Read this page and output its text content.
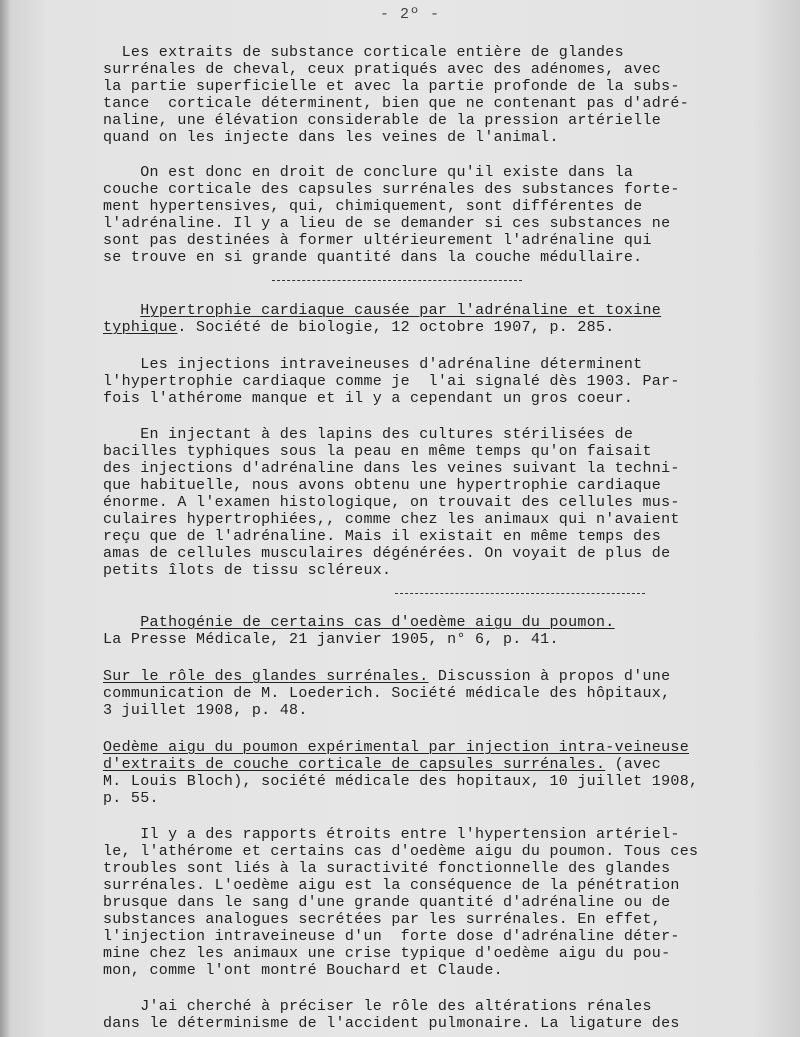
- 2º -
Les extraits de substance corticale entière de glandes
surrénales de cheval, ceux pratiqués avec des adénomes, avec
la partie superficielle et avec la partie profonde de la subs-
tance  corticale déterminent, bien que ne contenant pas d'adré-
naline, une élévation considerable de la pression artérielle
quand on les injecte dans les veines de l'animal.
On est donc en droit de conclure qu'il existe dans la
couche corticale des capsules surrénales des substances forte-
ment hypertensives, qui, chimiquement, sont différentes de
l'adrénaline. Il y a lieu de se demander si ces substances ne
sont pas destinées à former ultérieurement l'adrénaline qui
se trouve en si grande quantité dans la couche médullaire.
Hypertrophie cardiaque causée par l'adrénaline et toxine
typhique. Société de biologie, 12 octobre 1907, p. 285.
Les injections intraveineuses d'adrénaline déterminent
l'hypertrophie cardiaque comme je  l'ai signalé dès 1903. Par-
fois l'athérome manque et il y a cependant un gros coeur.
En injectant à des lapins des cultures stérilisées de
bacilles typhiques sous la peau en même temps qu'on faisait
des injections d'adrénaline dans les veines suivant la techni-
que habituelle, nous avons obtenu une hypertrophie cardiaque
énorme. A l'examen histologique, on trouvait des cellules mus-
culaires hypertrophiées,, comme chez les animaux qui n'avaient
reçu que de l'adrénaline. Mais il existait en même temps des
amas de cellules musculaires dégénérées. On voyait de plus de
petits îlots de tissu scléreux.
Pathogénie de certains cas d'oedème aigu du poumon.
La Presse Médicale, 21 janvier 1905, n° 6, p. 41.
Sur le rôle des glandes surrénales. Discussion à propos d'une
communication de M. Loederich. Société médicale des hôpitaux,
3 juillet 1908, p. 48.
Oedème aigu du poumon expérimental par injection intra-veineuse
d'extraits de couche corticale de capsules surrénales. (avec
M. Louis Bloch), société médicale des hopitaux, 10 juillet 1908,
p. 55.
Il y a des rapports étroits entre l'hypertension artériel-
le, l'athérome et certains cas d'oedème aigu du poumon. Tous ces
troubles sont liés à la suractivité fonctionnelle des glandes
surrénales. L'oedème aigu est la conséquence de la pénétration
brusque dans le sang d'une grande quantité d'adrénaline ou de
substances analogues secrétées par les surrénales. En effet,
l'injection intraveineuse d'un  forte dose d'adrénaline déter-
mine chez les animaux une crise typique d'oedème aigu du pou-
mon, comme l'ont montré Bouchard et Claude.
J'ai cherché à préciser le rôle des altérations rénales
dans le déterminisme de l'accident pulmonaire. La ligature des
